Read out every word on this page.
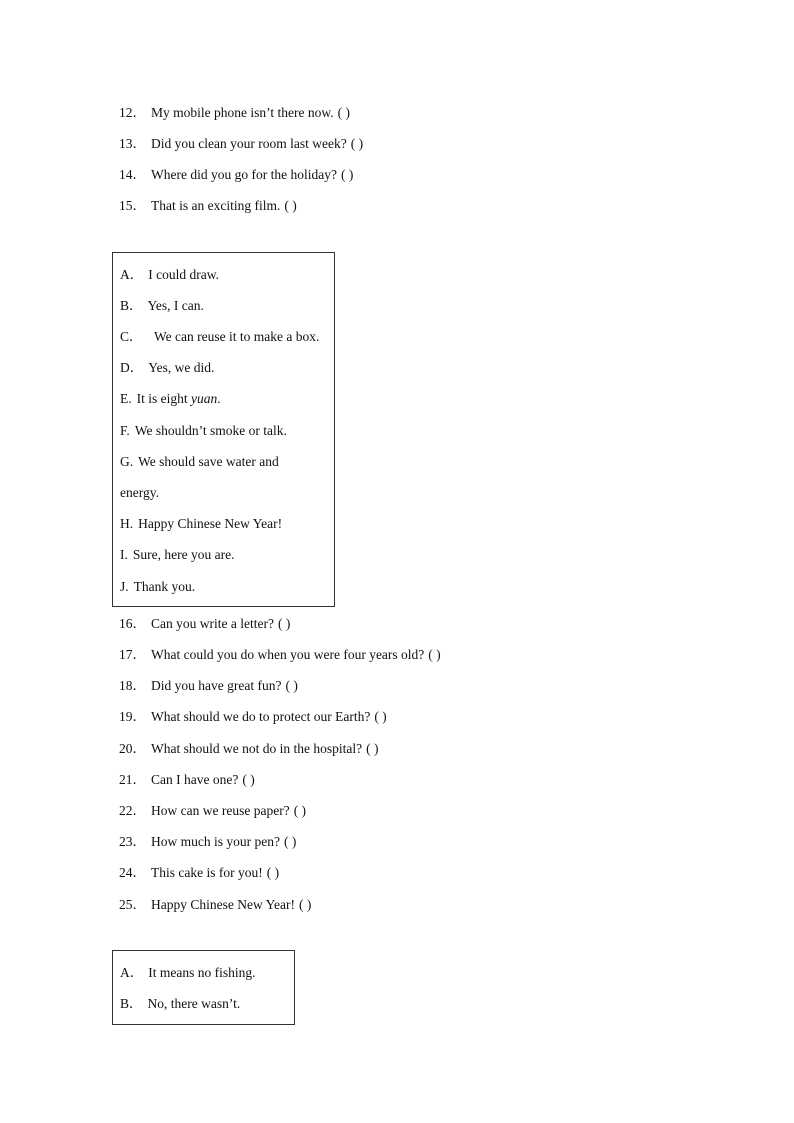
12． My mobile phone isn’t there now. ( )
13． Did you clean your room last week? ( )
14． Where did you go for the holiday? ( )
15． That is an exciting film. ( )
A． I could draw.
B． Yes, I can.
C．  We can reuse it to make a box.
D． Yes, we did.
E. It is eight yuan.
F. We shouldn’t smoke or talk.
G. We should save water and
energy.
H. Happy Chinese New Year!
I. Sure, here you are.
J. Thank you.
16． Can you write a letter? ( )
17． What could you do when you were four years old? ( )
18． Did you have great fun? ( )
19． What should we do to protect our Earth? ( )
20． What should we not do in the hospital? ( )
21． Can I have one? ( )
22． How can we reuse paper? ( )
23． How much is your pen? ( )
24． This cake is for you! ( )
25． Happy Chinese New Year! ( )
A． It means no fishing.
B． No, there wasn’t.
